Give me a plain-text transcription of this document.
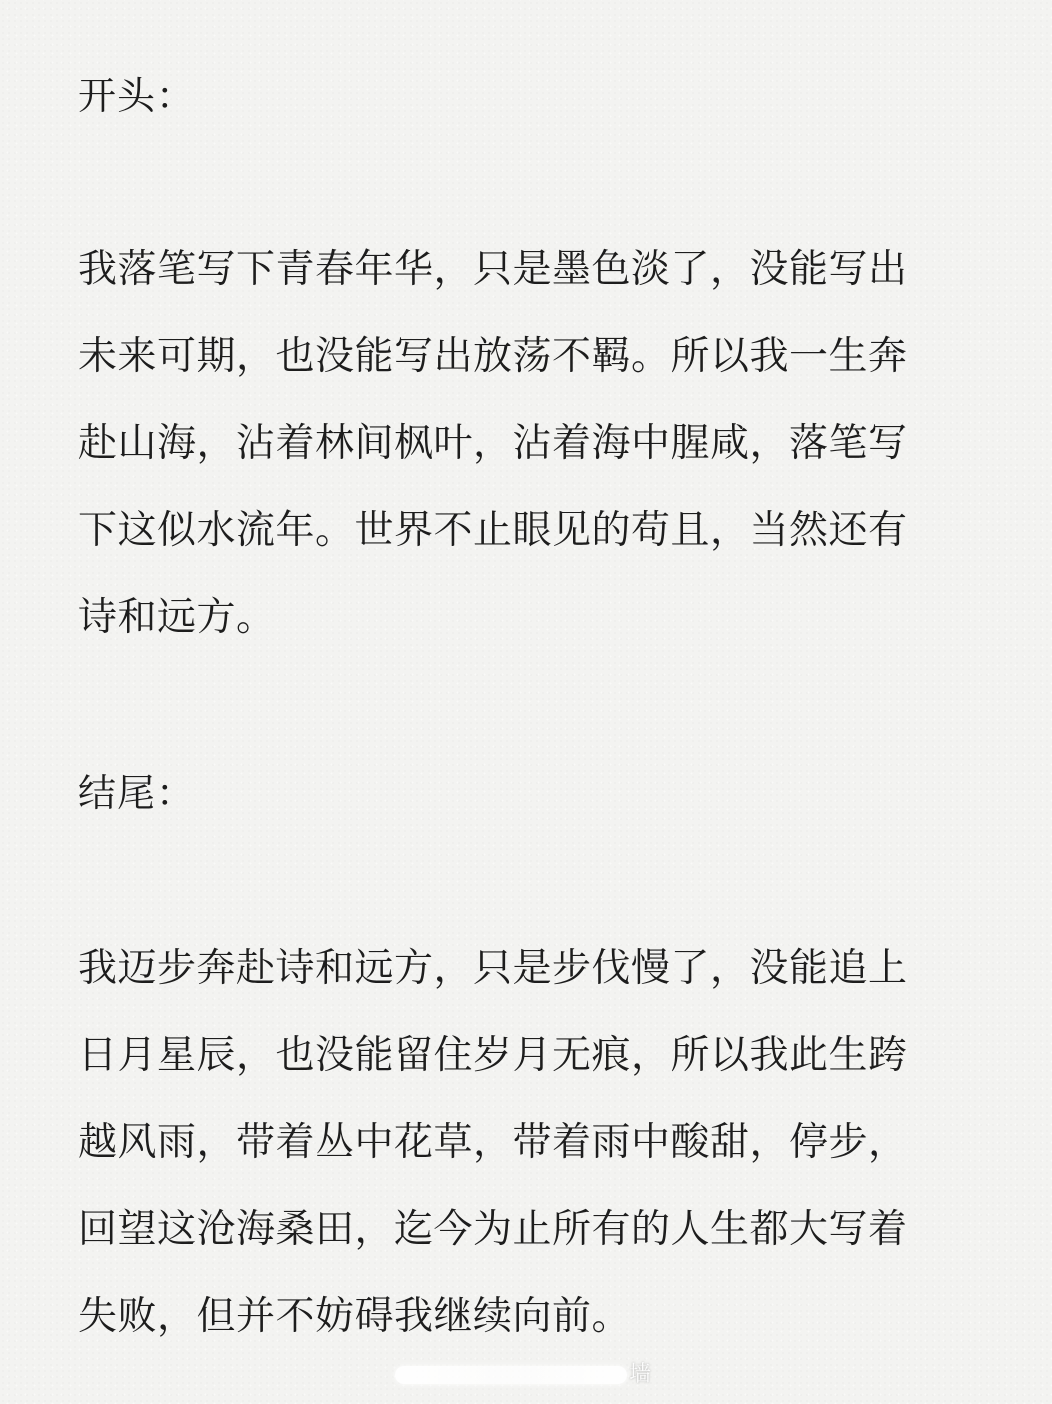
开头：
我落笔写下青春年华，只是墨色淡了，没能写出
未来可期，也没能写出放荡不羁。所以我一生奔
赴山海，沾着林间枫叶，沾着海中腥咸，落笔写
下这似水流年。世界不止眼见的苟且，当然还有
诗和远方。
结尾：
我迈步奔赴诗和远方，只是步伐慢了，没能追上
日月星辰，也没能留住岁月无痕，所以我此生跨
越风雨，带着丛中花草，带着雨中酸甜，停步，
回望这沧海桑田，迄今为止所有的人生都大写着
失败，但并不妨碍我继续向前。
墙
